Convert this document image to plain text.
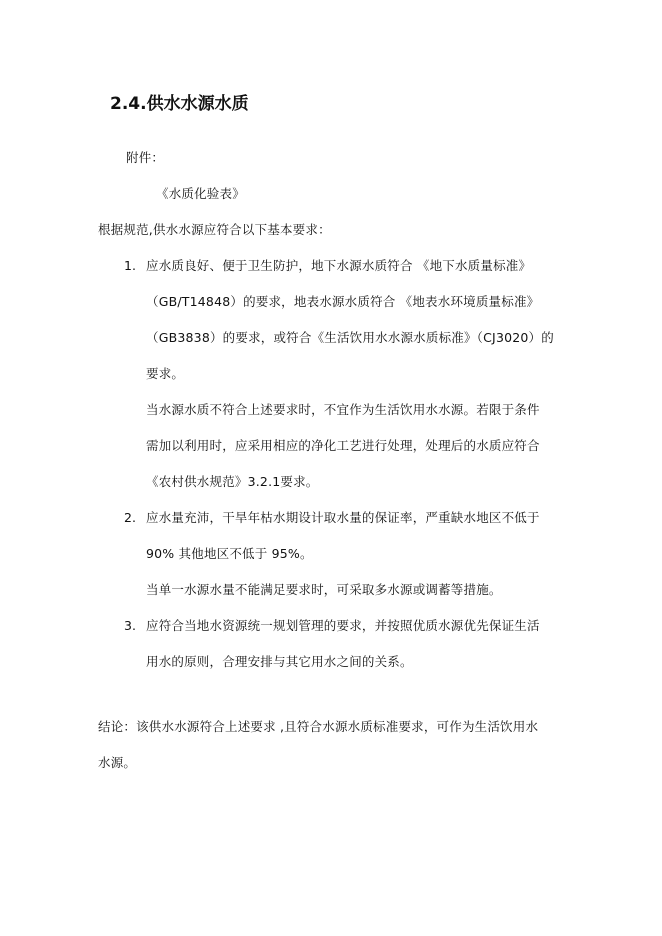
2.4.供水水源水质
附件：
《水质化验表》
根据规范,供水水源应符合以下基本要求：
1. 应水质良好、便于卫生防护，地下水源水质符合 《地下水质量标准》
（GB/T14848）的要求，地表水源水质符合 《地表水环境质量标准》
（GB3838）的要求，或符合《生活饮用水水源水质标准》（CJ3020）的
要求。
当水源水质不符合上述要求时，不宜作为生活饮用水水源。若限于条件
需加以利用时，应采用相应的净化工艺进行处理，处理后的水质应符合
《农村供水规范》3.2.1要求。
2. 应水量充沛，干旱年枯水期设计取水量的保证率，严重缺水地区不低于
90% 其他地区不低于 95%。
当单一水源水量不能满足要求时，可采取多水源或调蓄等措施。
3. 应符合当地水资源统一规划管理的要求，并按照优质水源优先保证生活
用水的原则，合理安排与其它用水之间的关系。
结论：该供水水源符合上述要求 ,且符合水源水质标准要求，可作为生活饮用水
水源。
